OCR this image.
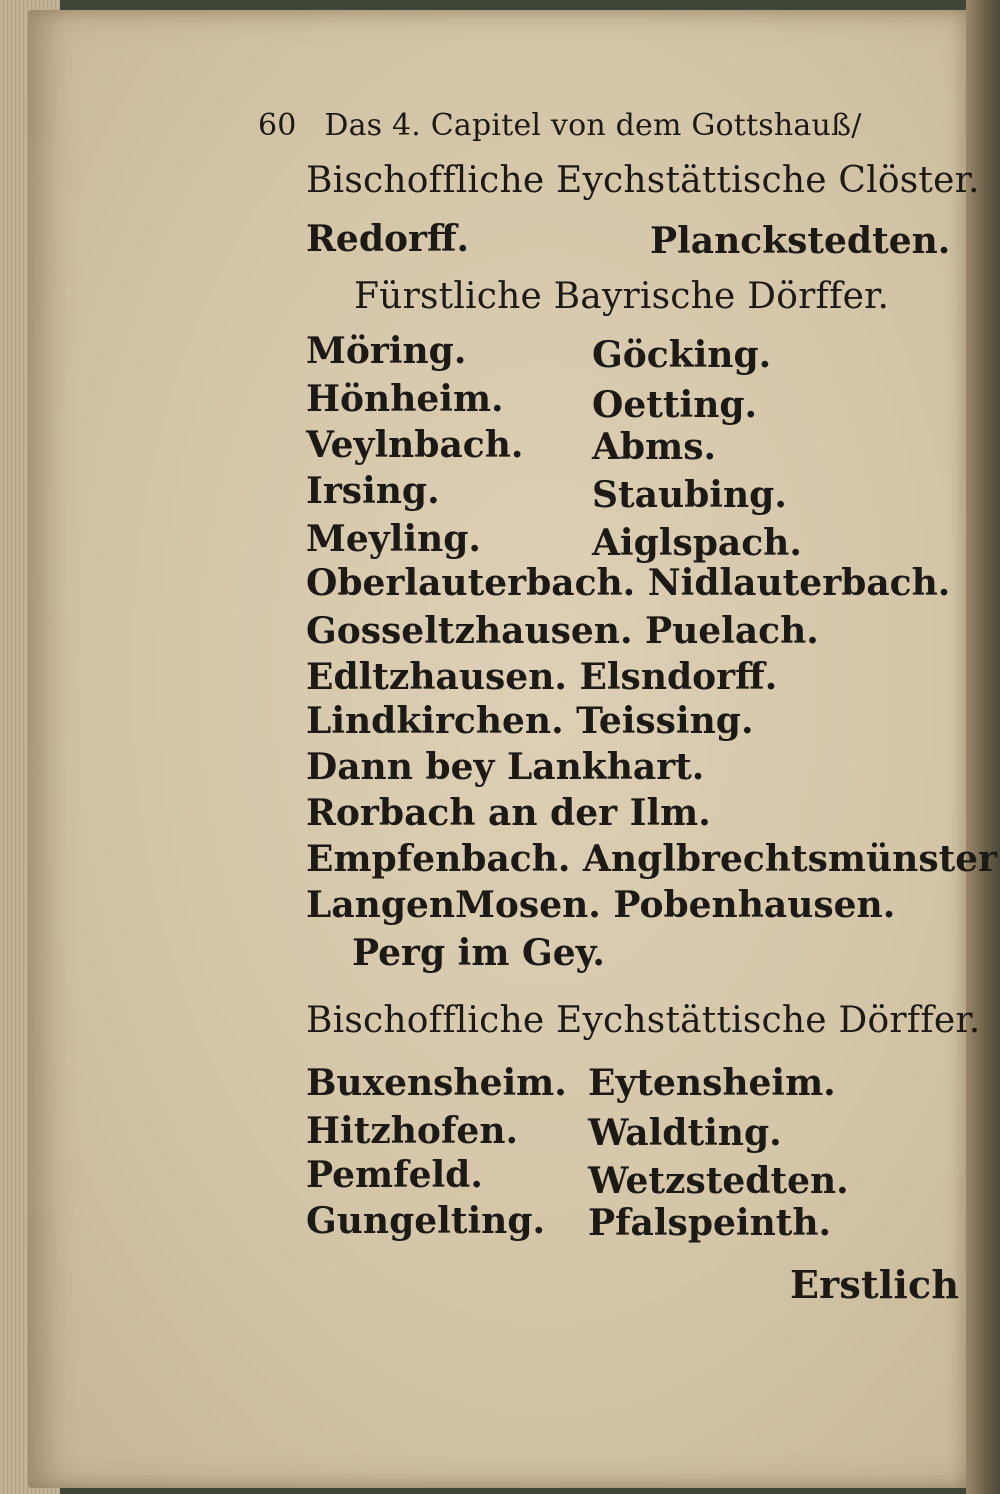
60 Das 4. Capitel von dem Gottshauß/
Bischoffliche Eychstättische Clöster.
Redorff.	Planckstedten.
Fürstliche Bayrische Dörffer.
Möring.	Göcking.
Hönheim. Oetting.
Veylnbach. Abms.
Irsing.	Staubing.
Meyling.	Aiglspach.
Oberlauterbach. Nidlauterbach.
Gosseltzhausen. Puelach.
Edltzhausen. Elsndorff.
Lindkirchen. Teissing.
Dann bey Lankhart.
Rorbach an der Ilm.
Empfenbach. Anglbrechtsmünster
LangenMosen. Pobenhausen.
Perg im Gey.
Bischoffliche Eychstättische Dörffer.
Buxensheim. Eytensheim.
Hitzhofen. Waldting.
Pemfeld.	Wetzstedten.
Gungelting. Pfalspeinth.
Erstlich
